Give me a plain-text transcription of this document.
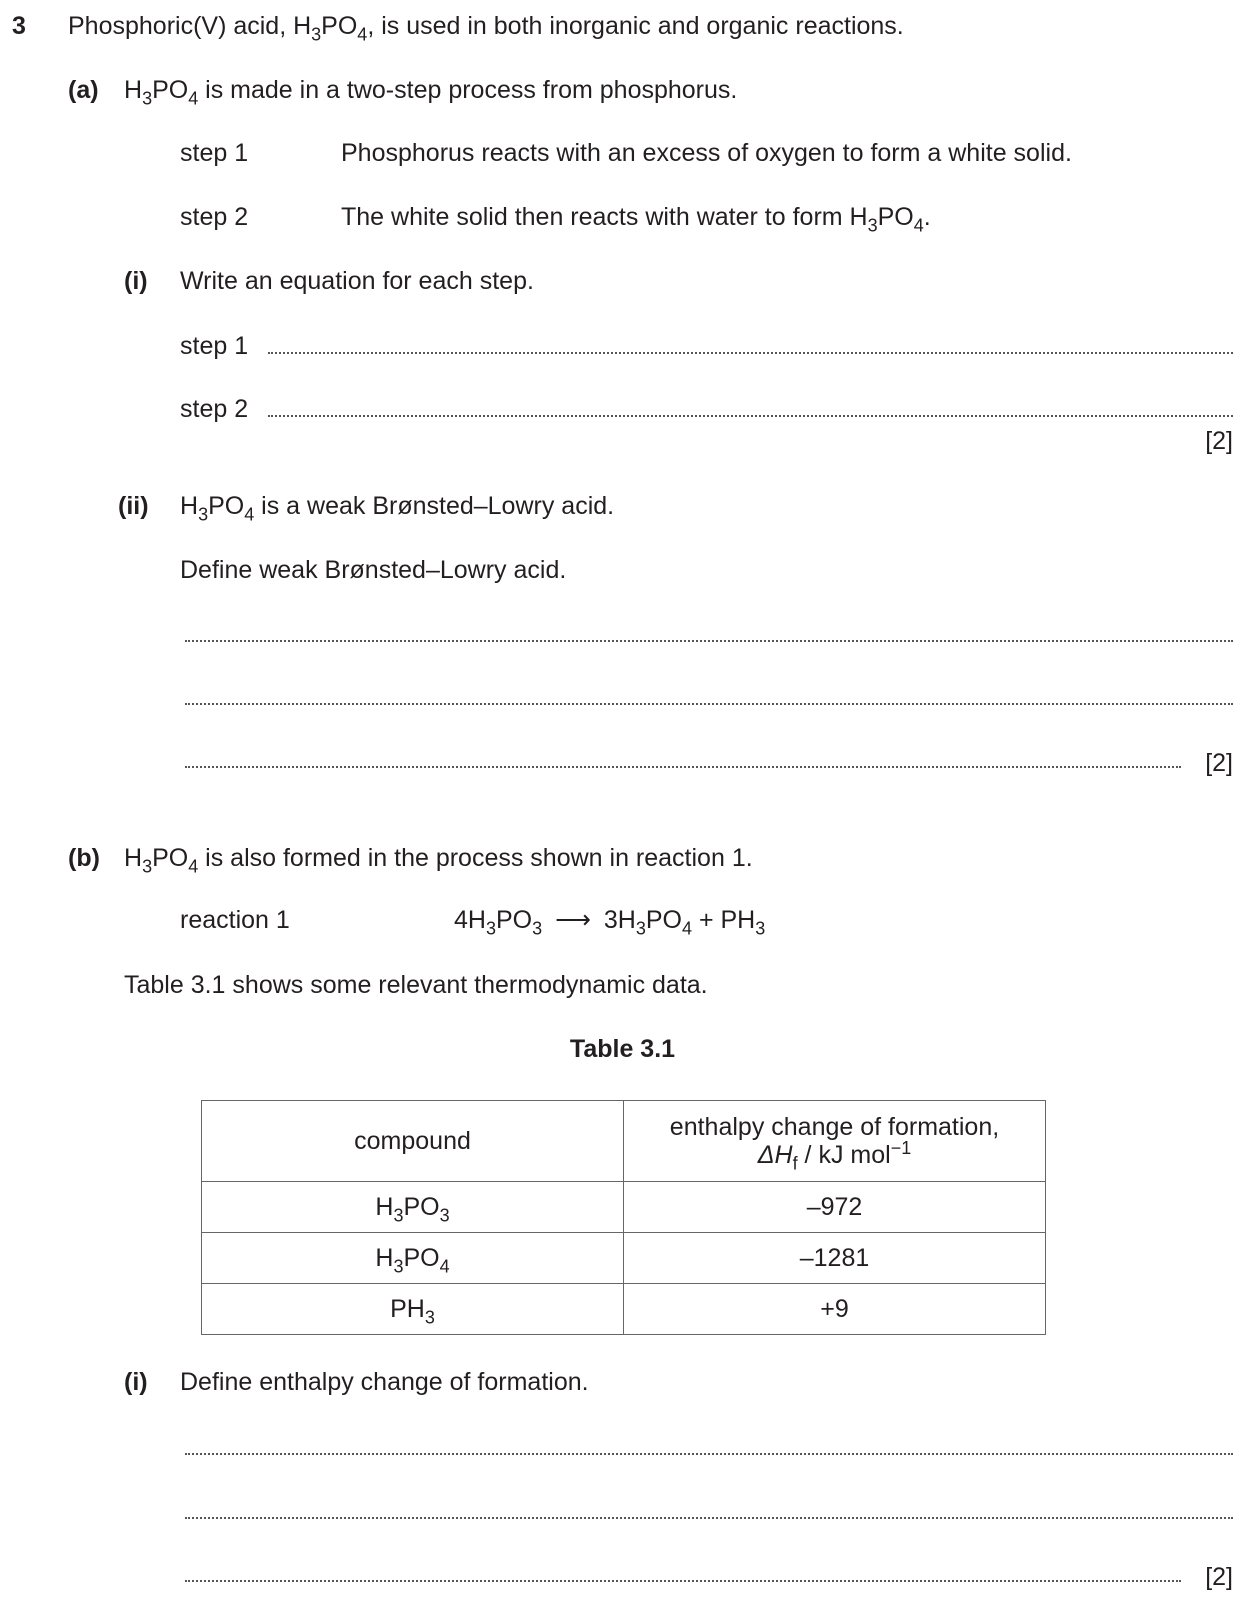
3 Phosphoric(V) acid, $H_3PO_4$, is used in both inorganic and organic reactions.
(a) $H_3PO_4$ is made in a two-step process from phosphorus.
step 1	Phosphorus reacts with an excess of oxygen to form a white solid.
step 2	The white solid then reacts with water to form $H_3PO_4$.
(i) Write an equation for each step.
step 1
step 2
[2]
(ii) $H_3PO_4$ is a weak Brønsted–Lowry acid.
Define weak Brønsted–Lowry acid.
[2]
(b) $H_3PO_4$ is also formed in the process shown in reaction 1.
reaction 1	$4H_3PO_3$ ⟶ $3H_3PO_4 + PH_3$
Table 3.1 shows some relevant thermodynamic data.
Table 3.1
compound	enthalpy change of formation,
$\Delta H_f$ / kJ mol$^{-1}$

$H_3PO_3$	–972
$H_3PO_4$	–1281
$PH_3$	+9
(i) Define enthalpy change of formation.
[2]
